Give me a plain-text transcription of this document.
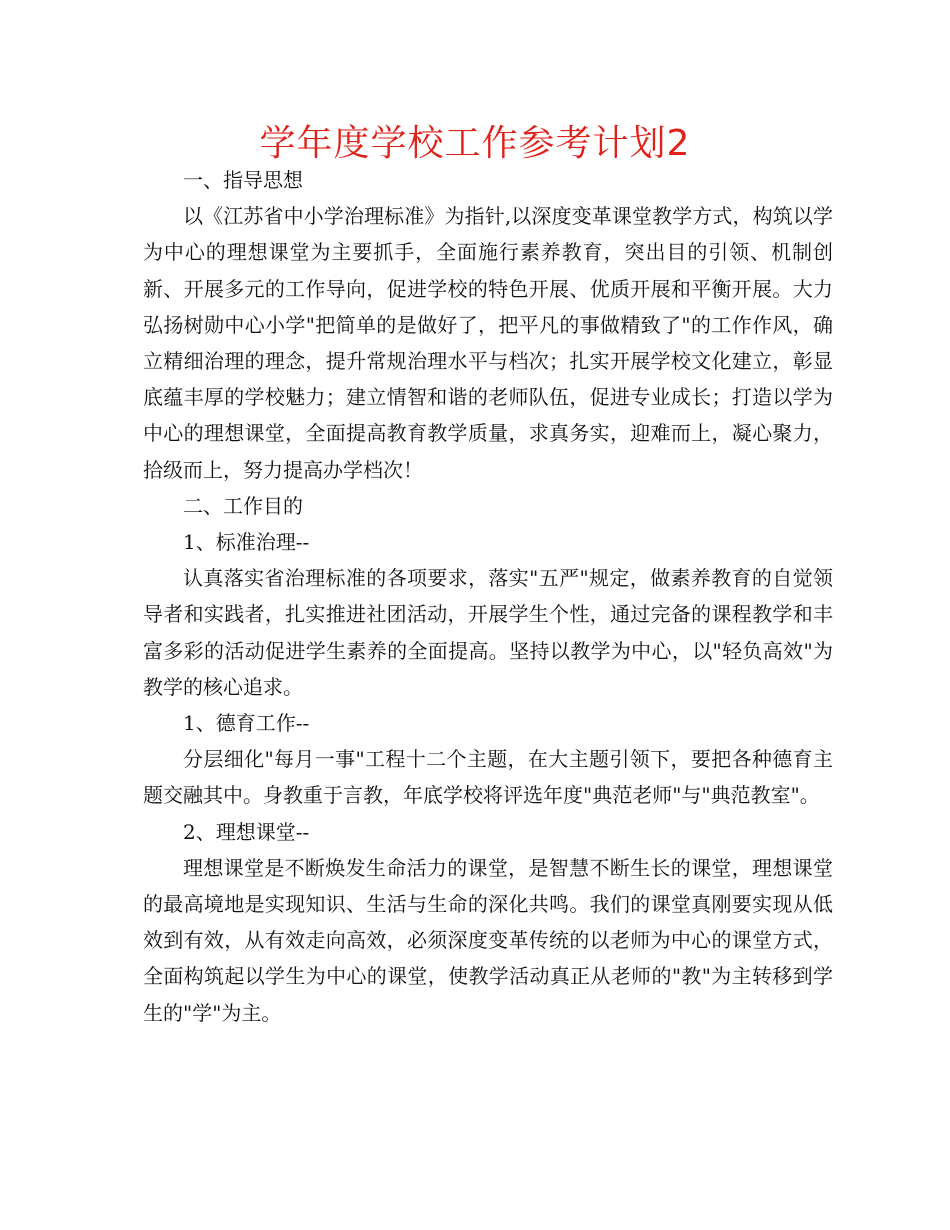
学年度学校工作参考计划2

一、指导思想

以《江苏省中小学治理标准》为指针,以深度变革课堂教学方式，构筑以学为中心的理想课堂为主要抓手，全面施行素养教育，突出目的引领、机制创新、开展多元的工作导向，促进学校的特色开展、优质开展和平衡开展。大力弘扬树勋中心小学"把简单的是做好了，把平凡的事做精致了"的工作作风，确立精细治理的理念，提升常规治理水平与档次；扎实开展学校文化建立，彰显底蕴丰厚的学校魅力；建立情智和谐的老师队伍，促进专业成长；打造以学为中心的理想课堂，全面提高教育教学质量，求真务实，迎难而上，凝心聚力，拾级而上，努力提高办学档次！

二、工作目的

1、标准治理--

认真落实省治理标准的各项要求，落实"五严"规定，做素养教育的自觉领导者和实践者，扎实推进社团活动，开展学生个性，通过完备的课程教学和丰富多彩的活动促进学生素养的全面提高。坚持以教学为中心，以"轻负高效"为教学的核心追求。

1、德育工作--

分层细化"每月一事"工程十二个主题，在大主题引领下，要把各种德育主题交融其中。身教重于言教，年底学校将评选年度"典范老师"与"典范教室"。

2、理想课堂--

理想课堂是不断焕发生命活力的课堂，是智慧不断生长的课堂，理想课堂的最高境地是实现知识、生活与生命的深化共鸣。我们的课堂真刚要实现从低效到有效，从有效走向高效，必须深度变革传统的以老师为中心的课堂方式，全面构筑起以学生为中心的课堂，使教学活动真正从老师的"教"为主转移到学生的"学"为主。
